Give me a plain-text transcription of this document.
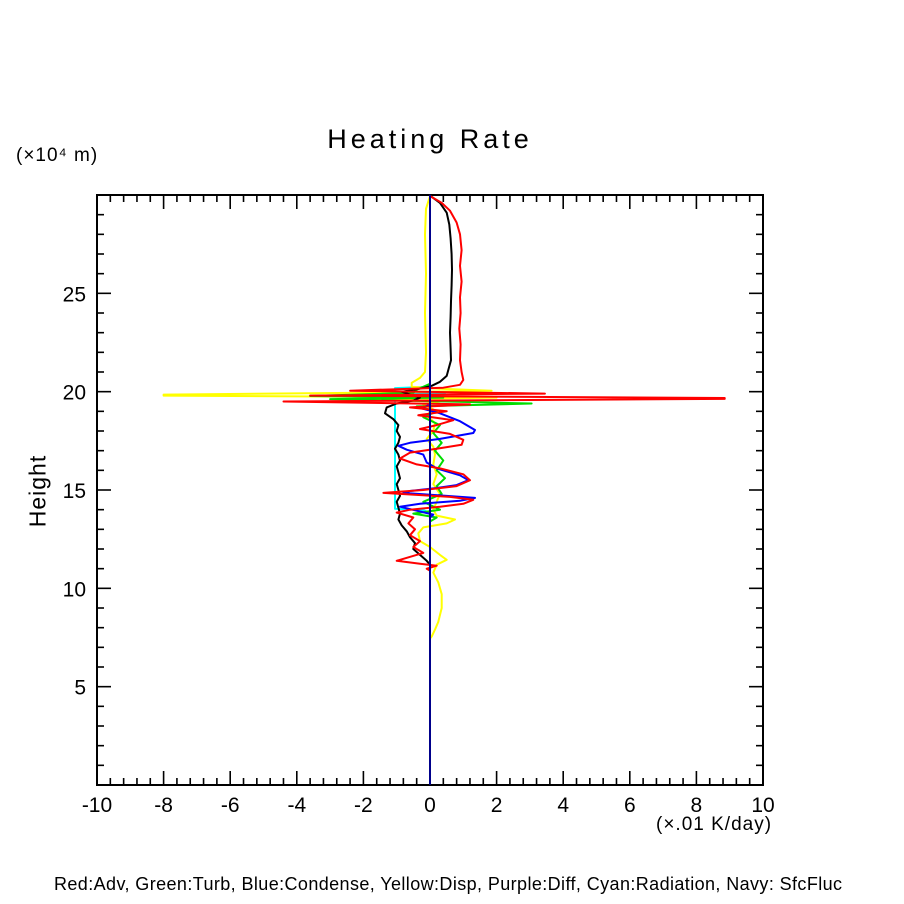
Heating Rate
(×10⁴ m)
Height
(×.01 K/day)
-10 -8 -6 -4 -2 0	2	4	6	8 10
5
10
15
20
25
Red:Adv, Green:Turb, Blue:Condense, Yellow:Disp, Purple:Diff, Cyan:Radiation, Navy: SfcFluc
